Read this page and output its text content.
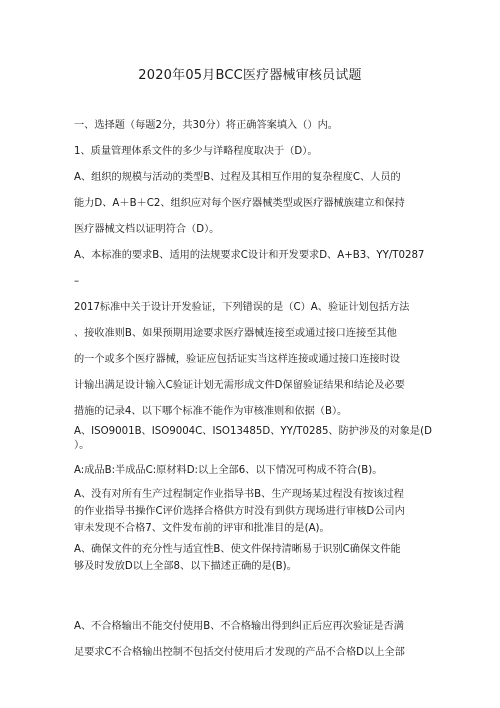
2020年05月BCC医疗器械审核员试题
一、选择题（每题2分，共30分）将正确答案填入（）内。
1、质量管理体系文件的多少与详略程度取决于（D）。
A、组织的规模与活动的类型B、过程及其相互作用的复杂程度C、人员的
能力D、A＋B＋C2、组织应对每个医疗器械类型或医疗器械族建立和保持
医疗器械文档以证明符合（D）。
A、本标准的要求B、适用的法规要求C设计和开发要求D、A+B3、YY/T0287
–
2017标准中关于设计开发验证，下列错误的是（C）A、验证计划包括方法
、接收准则B、如果预期用途要求医疗器械连接至或通过接口连接至其他
的一个或多个医疗器械，验证应包括证实当这样连接或通过接口连接时设
计输出满足设计输入C验证计划无需形成文件D保留验证结果和结论及必要
措施的记录4、以下哪个标准不能作为审核准则和依据（B）。
A、ISO9001B、ISO9004C、ISO13485D、YY/T0285、防护涉及的对象是(D
）。
A:成品B:半成品C:原材料D:以上全部6、以下情况可构成不符合(B)。
A、没有对所有生产过程制定作业指导书B、生产现场某过程没有按该过程
的作业指导书操作C评价选择合格供方时没有到供方现场进行审核D公司内
审未发现不合格7、文件发布前的评审和批准目的是(A)。
A、确保文件的充分性与适宜性B、使文件保持清晰易于识别C确保文件能
够及时发放D以上全部8、以下描述正确的是(B)。
A、不合格输出不能交付使用B、不合格输出得到纠正后应再次验证是否满
足要求C不合格输出控制不包括交付使用后才发现的产品不合格D以上全部
